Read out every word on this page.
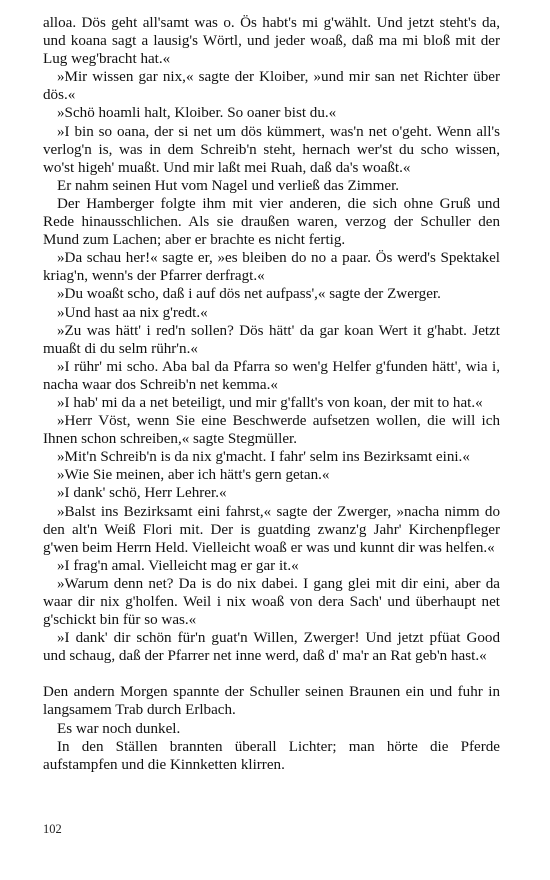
alloa. Dös geht all'samt was o. Ös habt's mi g'wählt. Und jetzt steht's da, und koana sagt a lausig's Wörtl, und jeder woaß, daß ma mi bloß mit der Lug weg'bracht hat.«

»Mir wissen gar nix,« sagte der Kloiber, »und mir san net Richter über dös.«

»Schö hoamli halt, Kloiber. So oaner bist du.«

»I bin so oana, der si net um dös kümmert, was'n net o'geht. Wenn all's verlog'n is, was in dem Schreib'n steht, hernach wer'st du scho wissen, wo'st higeh' muaßt. Und mir laßt mei Ruah, daß da's woaßt.«

Er nahm seinen Hut vom Nagel und verließ das Zimmer.

Der Hamberger folgte ihm mit vier anderen, die sich ohne Gruß und Rede hinausschlichen. Als sie draußen waren, verzog der Schuller den Mund zum Lachen; aber er brachte es nicht fertig.

»Da schau her!« sagte er, »es bleiben do no a paar. Ös werd's Spektakel kriag'n, wenn's der Pfarrer derfragt.«

»Du woaßt scho, daß i auf dös net aufpass',« sagte der Zwerger.

»Und hast aa nix g'redt.«

»Zu was hätt' i red'n sollen? Dös hätt' da gar koan Wert it g'habt. Jetzt muaßt di du selm rühr'n.«

»I rühr' mi scho. Aba bal da Pfarra so wen'g Helfer g'funden hätt', wia i, nacha waar dos Schreib'n net kemma.«

»I hab' mi da a net beteiligt, und mir g'fallt's von koan, der mit to hat.«

»Herr Vöst, wenn Sie eine Beschwerde aufsetzen wollen, die will ich Ihnen schon schreiben,« sagte Stegmüller.

»Mit'n Schreib'n is da nix g'macht. I fahr' selm ins Bezirksamt eini.«

»Wie Sie meinen, aber ich hätt's gern getan.«

»I dank' schö, Herr Lehrer.«

»Balst ins Bezirksamt eini fahrst,« sagte der Zwerger, »nacha nimm do den alt'n Weiß Flori mit. Der is guatding zwanz'g Jahr' Kirchenpfleger g'wen beim Herrn Held. Vielleicht woaß er was und kunnt dir was helfen.«

»I frag'n amal. Vielleicht mag er gar it.«

»Warum denn net? Da is do nix dabei. I gang glei mit dir eini, aber da waar dir nix g'holfen. Weil i nix woaß von dera Sach' und überhaupt net g'schickt bin für so was.«

»I dank' dir schön für'n guat'n Willen, Zwerger! Und jetzt pfüat Good und schaug, daß der Pfarrer net inne werd, daß d' ma'r an Rat geb'n hast.«

Den andern Morgen spannte der Schuller seinen Braunen ein und fuhr in langsamem Trab durch Erlbach.

Es war noch dunkel.

In den Ställen brannten überall Lichter; man hörte die Pferde aufstampfen und die Kinnketten klirren.

102
